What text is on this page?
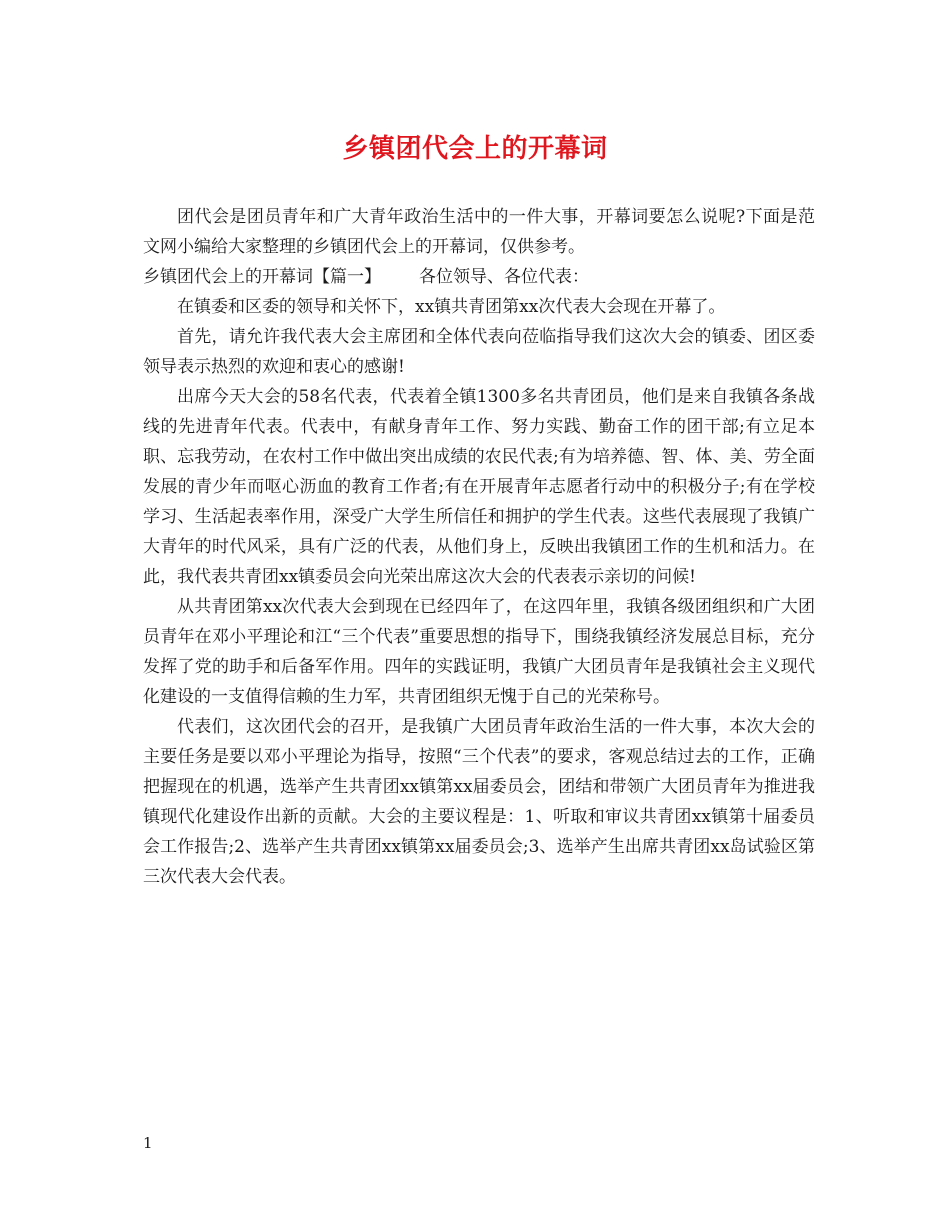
乡镇团代会上的开幕词

团代会是团员青年和广大青年政治生活中的一件大事，开幕词要怎么说呢?下面是范文网小编给大家整理的乡镇团代会上的开幕词，仅供参考。

乡镇团代会上的开幕词【篇一】 各位领导、各位代表：

在镇委和区委的领导和关怀下，xx镇共青团第xx次代表大会现在开幕了。

首先，请允许我代表大会主席团和全体代表向莅临指导我们这次大会的镇委、团区委领导表示热烈的欢迎和衷心的感谢!

出席今天大会的58名代表，代表着全镇1300多名共青团员，他们是来自我镇各条战线的先进青年代表。代表中，有献身青年工作、努力实践、勤奋工作的团干部;有立足本职、忘我劳动，在农村工作中做出突出成绩的农民代表;有为培养德、智、体、美、劳全面发展的青少年而呕心沥血的教育工作者;有在开展青年志愿者行动中的积极分子;有在学校学习、生活起表率作用，深受广大学生所信任和拥护的学生代表。这些代表展现了我镇广大青年的时代风采，具有广泛的代表，从他们身上，反映出我镇团工作的生机和活力。在此，我代表共青团xx镇委员会向光荣出席这次大会的代表表示亲切的问候!

从共青团第xx次代表大会到现在已经四年了，在这四年里，我镇各级团组织和广大团员青年在邓小平理论和江“三个代表”重要思想的指导下，围绕我镇经济发展总目标，充分发挥了党的助手和后备军作用。四年的实践证明，我镇广大团员青年是我镇社会主义现代化建设的一支值得信赖的生力军，共青团组织无愧于自己的光荣称号。

代表们，这次团代会的召开，是我镇广大团员青年政治生活的一件大事，本次大会的主要任务是要以邓小平理论为指导，按照“三个代表”的要求，客观总结过去的工作，正确把握现在的机遇，选举产生共青团xx镇第xx届委员会，团结和带领广大团员青年为推进我镇现代化建设作出新的贡献。大会的主要议程是：1、听取和审议共青团xx镇第十届委员会工作报告;2、选举产生共青团xx镇第xx届委员会;3、选举产生出席共青团xx岛试验区第三次代表大会代表。

1
